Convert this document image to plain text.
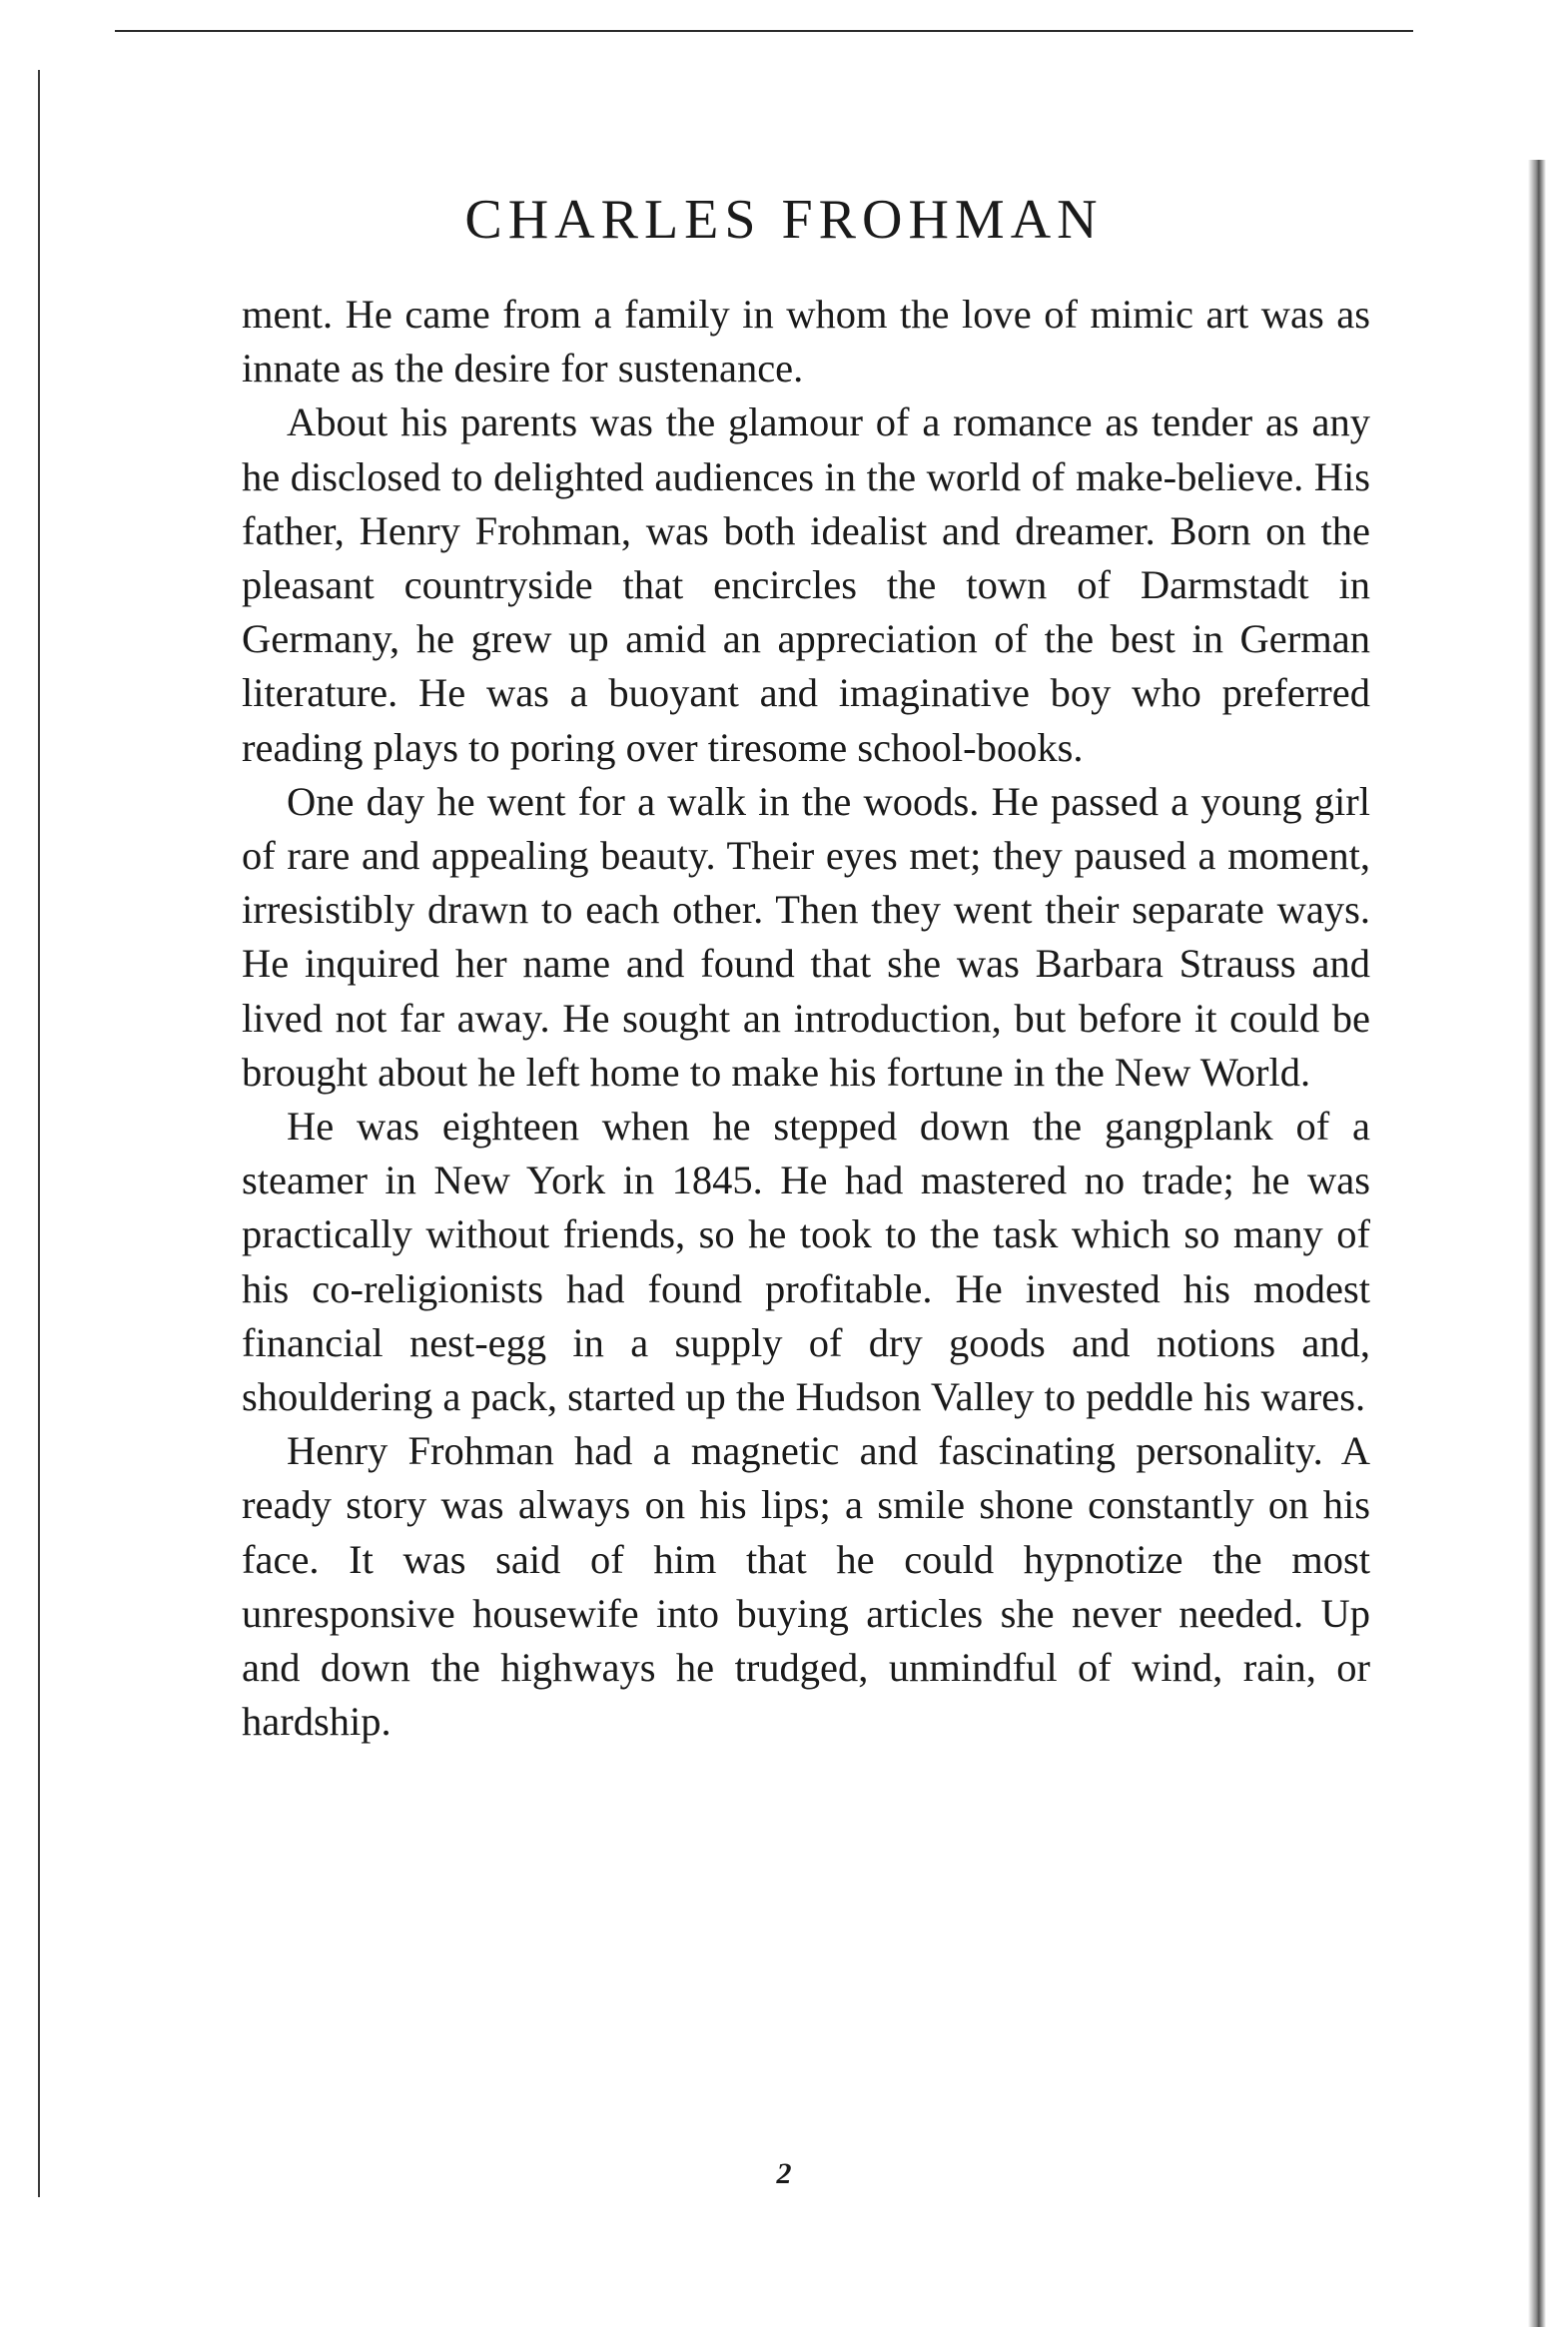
CHARLES FROHMAN

ment. He came from a family in whom the love of mimic art was as innate as the desire for sustenance.

About his parents was the glamour of a romance as tender as any he disclosed to delighted audiences in the world of make-believe. His father, Henry Frohman, was both idealist and dreamer. Born on the pleasant countryside that encircles the town of Darmstadt in Germany, he grew up amid an appreciation of the best in German literature. He was a buoyant and imaginative boy who preferred reading plays to poring over tiresome school-books.

One day he went for a walk in the woods. He passed a young girl of rare and appealing beauty. Their eyes met; they paused a moment, irresistibly drawn to each other. Then they went their separate ways. He inquired her name and found that she was Barbara Strauss and lived not far away. He sought an introduction, but before it could be brought about he left home to make his fortune in the New World.

He was eighteen when he stepped down the gangplank of a steamer in New York in 1845. He had mastered no trade; he was practically without friends, so he took to the task which so many of his co-religionists had found profitable. He invested his modest financial nest-egg in a supply of dry goods and notions and, shouldering a pack, started up the Hudson Valley to peddle his wares.

Henry Frohman had a magnetic and fascinating personality. A ready story was always on his lips; a smile shone constantly on his face. It was said of him that he could hypnotize the most unresponsive housewife into buying articles she never needed. Up and down the highways he trudged, unmindful of wind, rain, or hardship.

2
